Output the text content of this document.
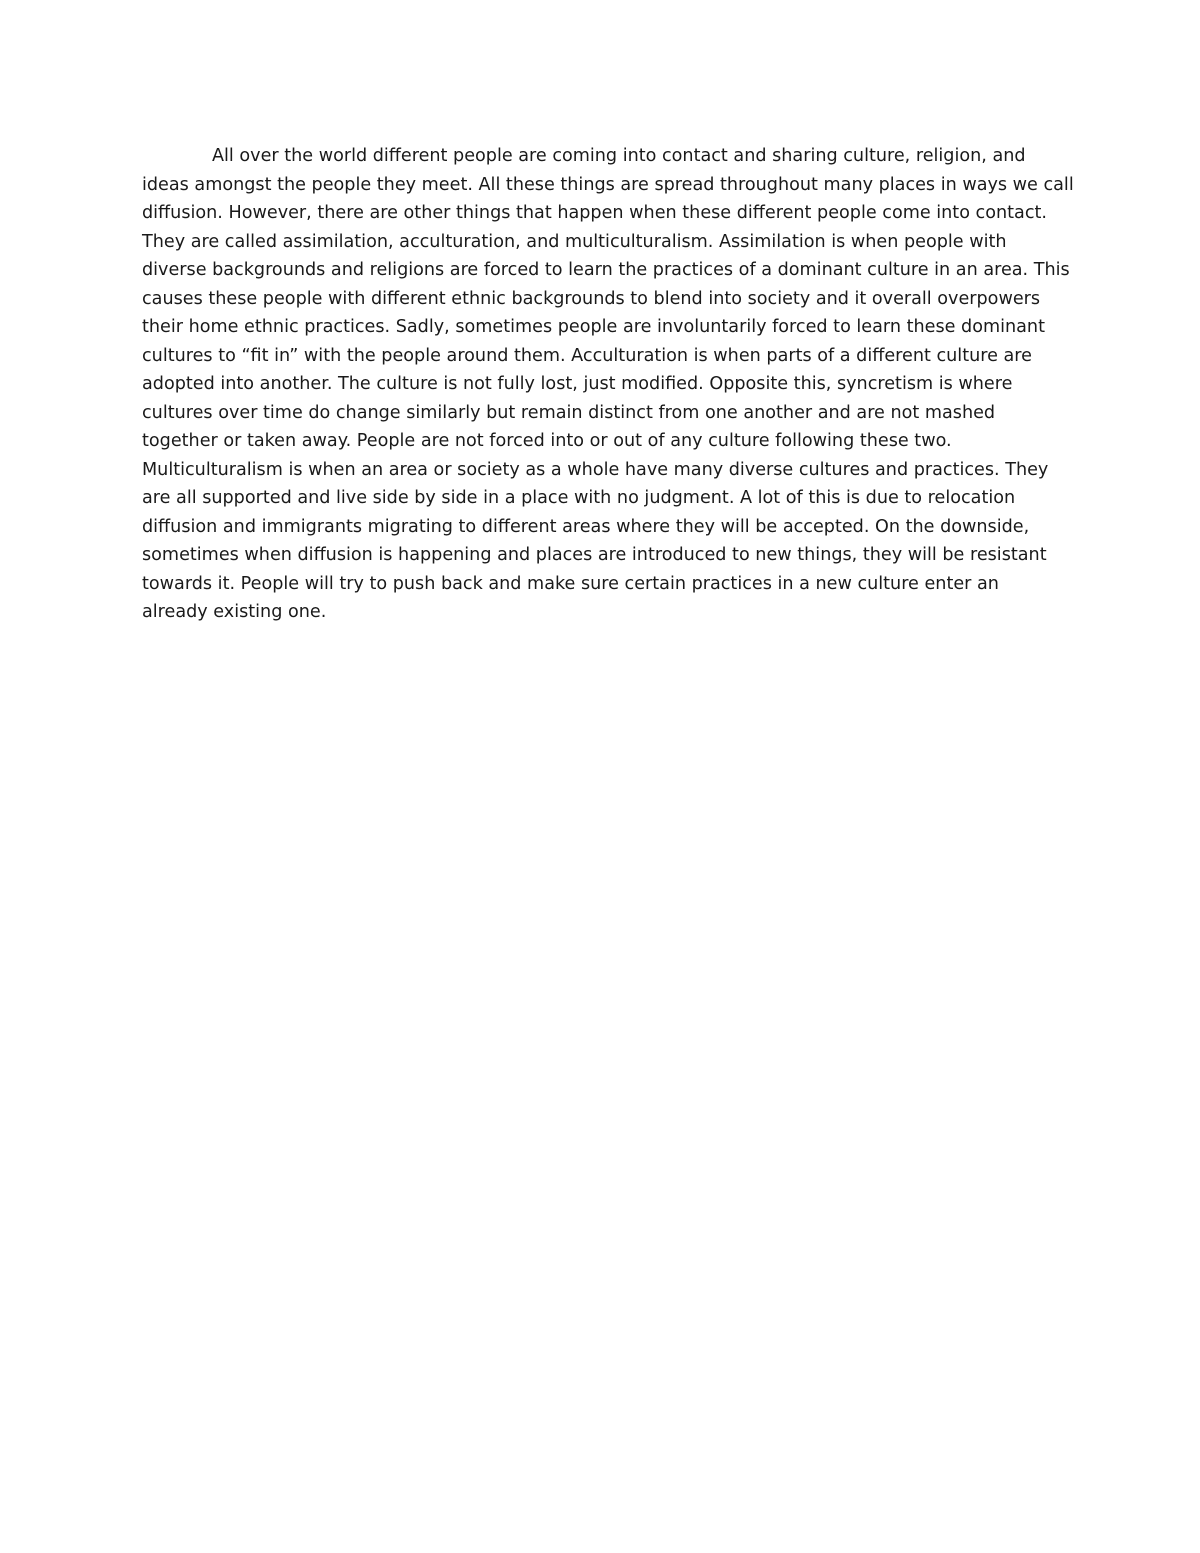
All over the world different people are coming into contact and sharing culture, religion, and
ideas amongst the people they meet. All these things are spread throughout many places in ways we call
diffusion. However, there are other things that happen when these different people come into contact.
They are called assimilation, acculturation, and multiculturalism. Assimilation is when people with
diverse backgrounds and religions are forced to learn the practices of a dominant culture in an area. This
causes these people with different ethnic backgrounds to blend into society and it overall overpowers
their home ethnic practices. Sadly, sometimes people are involuntarily forced to learn these dominant
cultures to “fit in” with the people around them. Acculturation is when parts of a different culture are
adopted into another. The culture is not fully lost, just modified. Opposite this, syncretism is where
cultures over time do change similarly but remain distinct from one another and are not mashed
together or taken away. People are not forced into or out of any culture following these two.
Multiculturalism is when an area or society as a whole have many diverse cultures and practices. They
are all supported and live side by side in a place with no judgment. A lot of this is due to relocation
diffusion and immigrants migrating to different areas where they will be accepted. On the downside,
sometimes when diffusion is happening and places are introduced to new things, they will be resistant
towards it. People will try to push back and make sure certain practices in a new culture enter an
already existing one.
